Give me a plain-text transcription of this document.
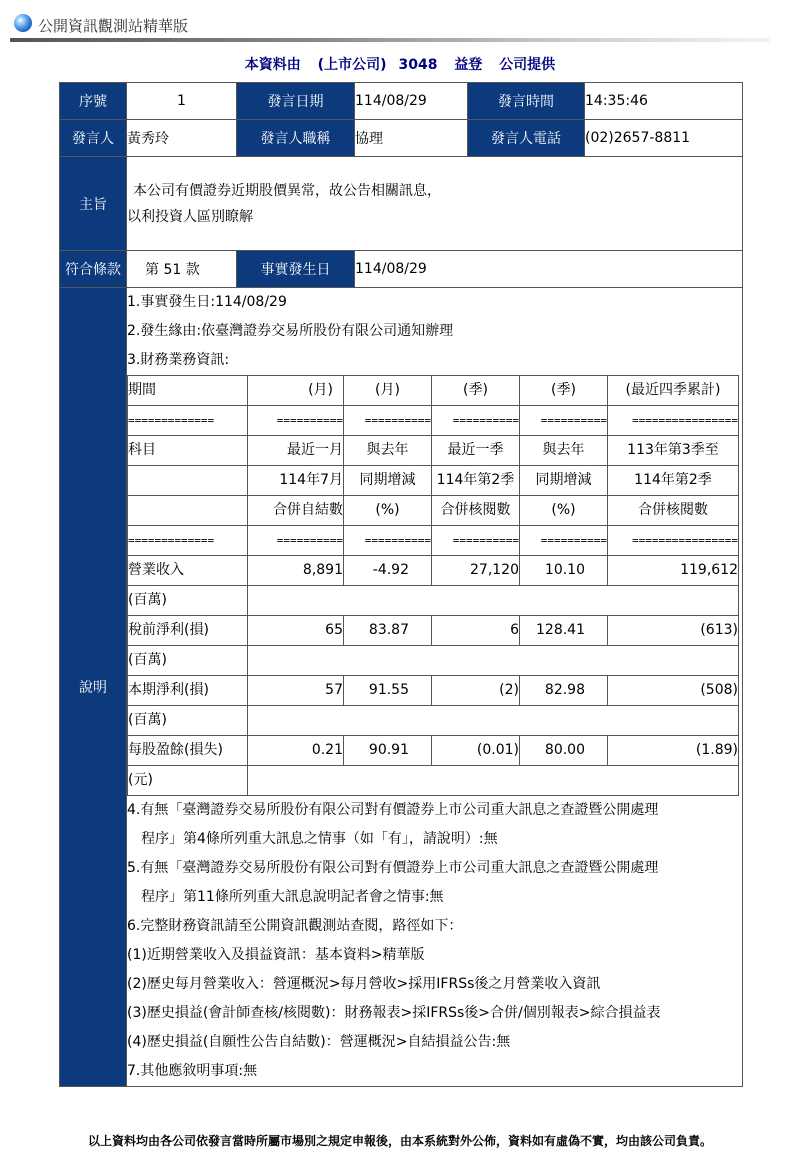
公開資訊觀測站精華版
本資料由 (上市公司) 3048 益登 公司提供
序號	1	發言日期	114/08/29	發言時間	14:35:46
發言人	黃秀玲	發言人職稱	協理	發言人電話	(02)2657-8811
主旨	
本公司有價證券近期股價異常，故公告相關訊息，
以利投資人區別瞭解

符合條款	第 51 款	事實發生日	114/08/29
說明	
1.事實發生日:114/08/29
2.發生緣由:依臺灣證券交易所股份有限公司通知辦理
3.財務業務資訊:
期間	(月)	(月)	(季)	(季)	(最近四季累計)
=============	==========	==========	==========	==========	================
科目	最近一月	與去年	最近一季	與去年	113年第3季至
	114年7月	同期增減	114年第2季	同期增減	114年第2季
	合併自結數	(%)	合併核閱數	(%)	合併核閱數
=============	==========	==========	==========	==========	================
營業收入	8,891	-4.92	27,120	10.10	119,612
(百萬)	
稅前淨利(損)	65	83.87	6	128.41	(613)
(百萬)	
本期淨利(損)	57	91.55	(2)	82.98	(508)
(百萬)	
每股盈餘(損失)	0.21	90.91	(0.01)	80.00	(1.89)
(元)	
4.有無「臺灣證券交易所股份有限公司對有價證券上市公司重大訊息之查證暨公開處理
程序」第4條所列重大訊息之情事（如「有」，請說明）:無
5.有無「臺灣證券交易所股份有限公司對有價證券上市公司重大訊息之查證暨公開處理
程序」第11條所列重大訊息說明記者會之情事:無
6.完整財務資訊請至公開資訊觀測站查閱，路徑如下：
(1)近期營業收入及損益資訊：基本資料>精華版
(2)歷史每月營業收入：營運概況>每月營收>採用IFRSs後之月營業收入資訊
(3)歷史損益(會計師查核/核閱數)：財務報表>採IFRSs後>合併/個別報表>綜合損益表
(4)歷史損益(自願性公告自結數)：營運概況>自結損益公告:無
7.其他應敘明事項:無
以上資料均由各公司依發言當時所屬市場別之規定申報後，由本系統對外公佈，資料如有虛偽不實，均由該公司負責。
